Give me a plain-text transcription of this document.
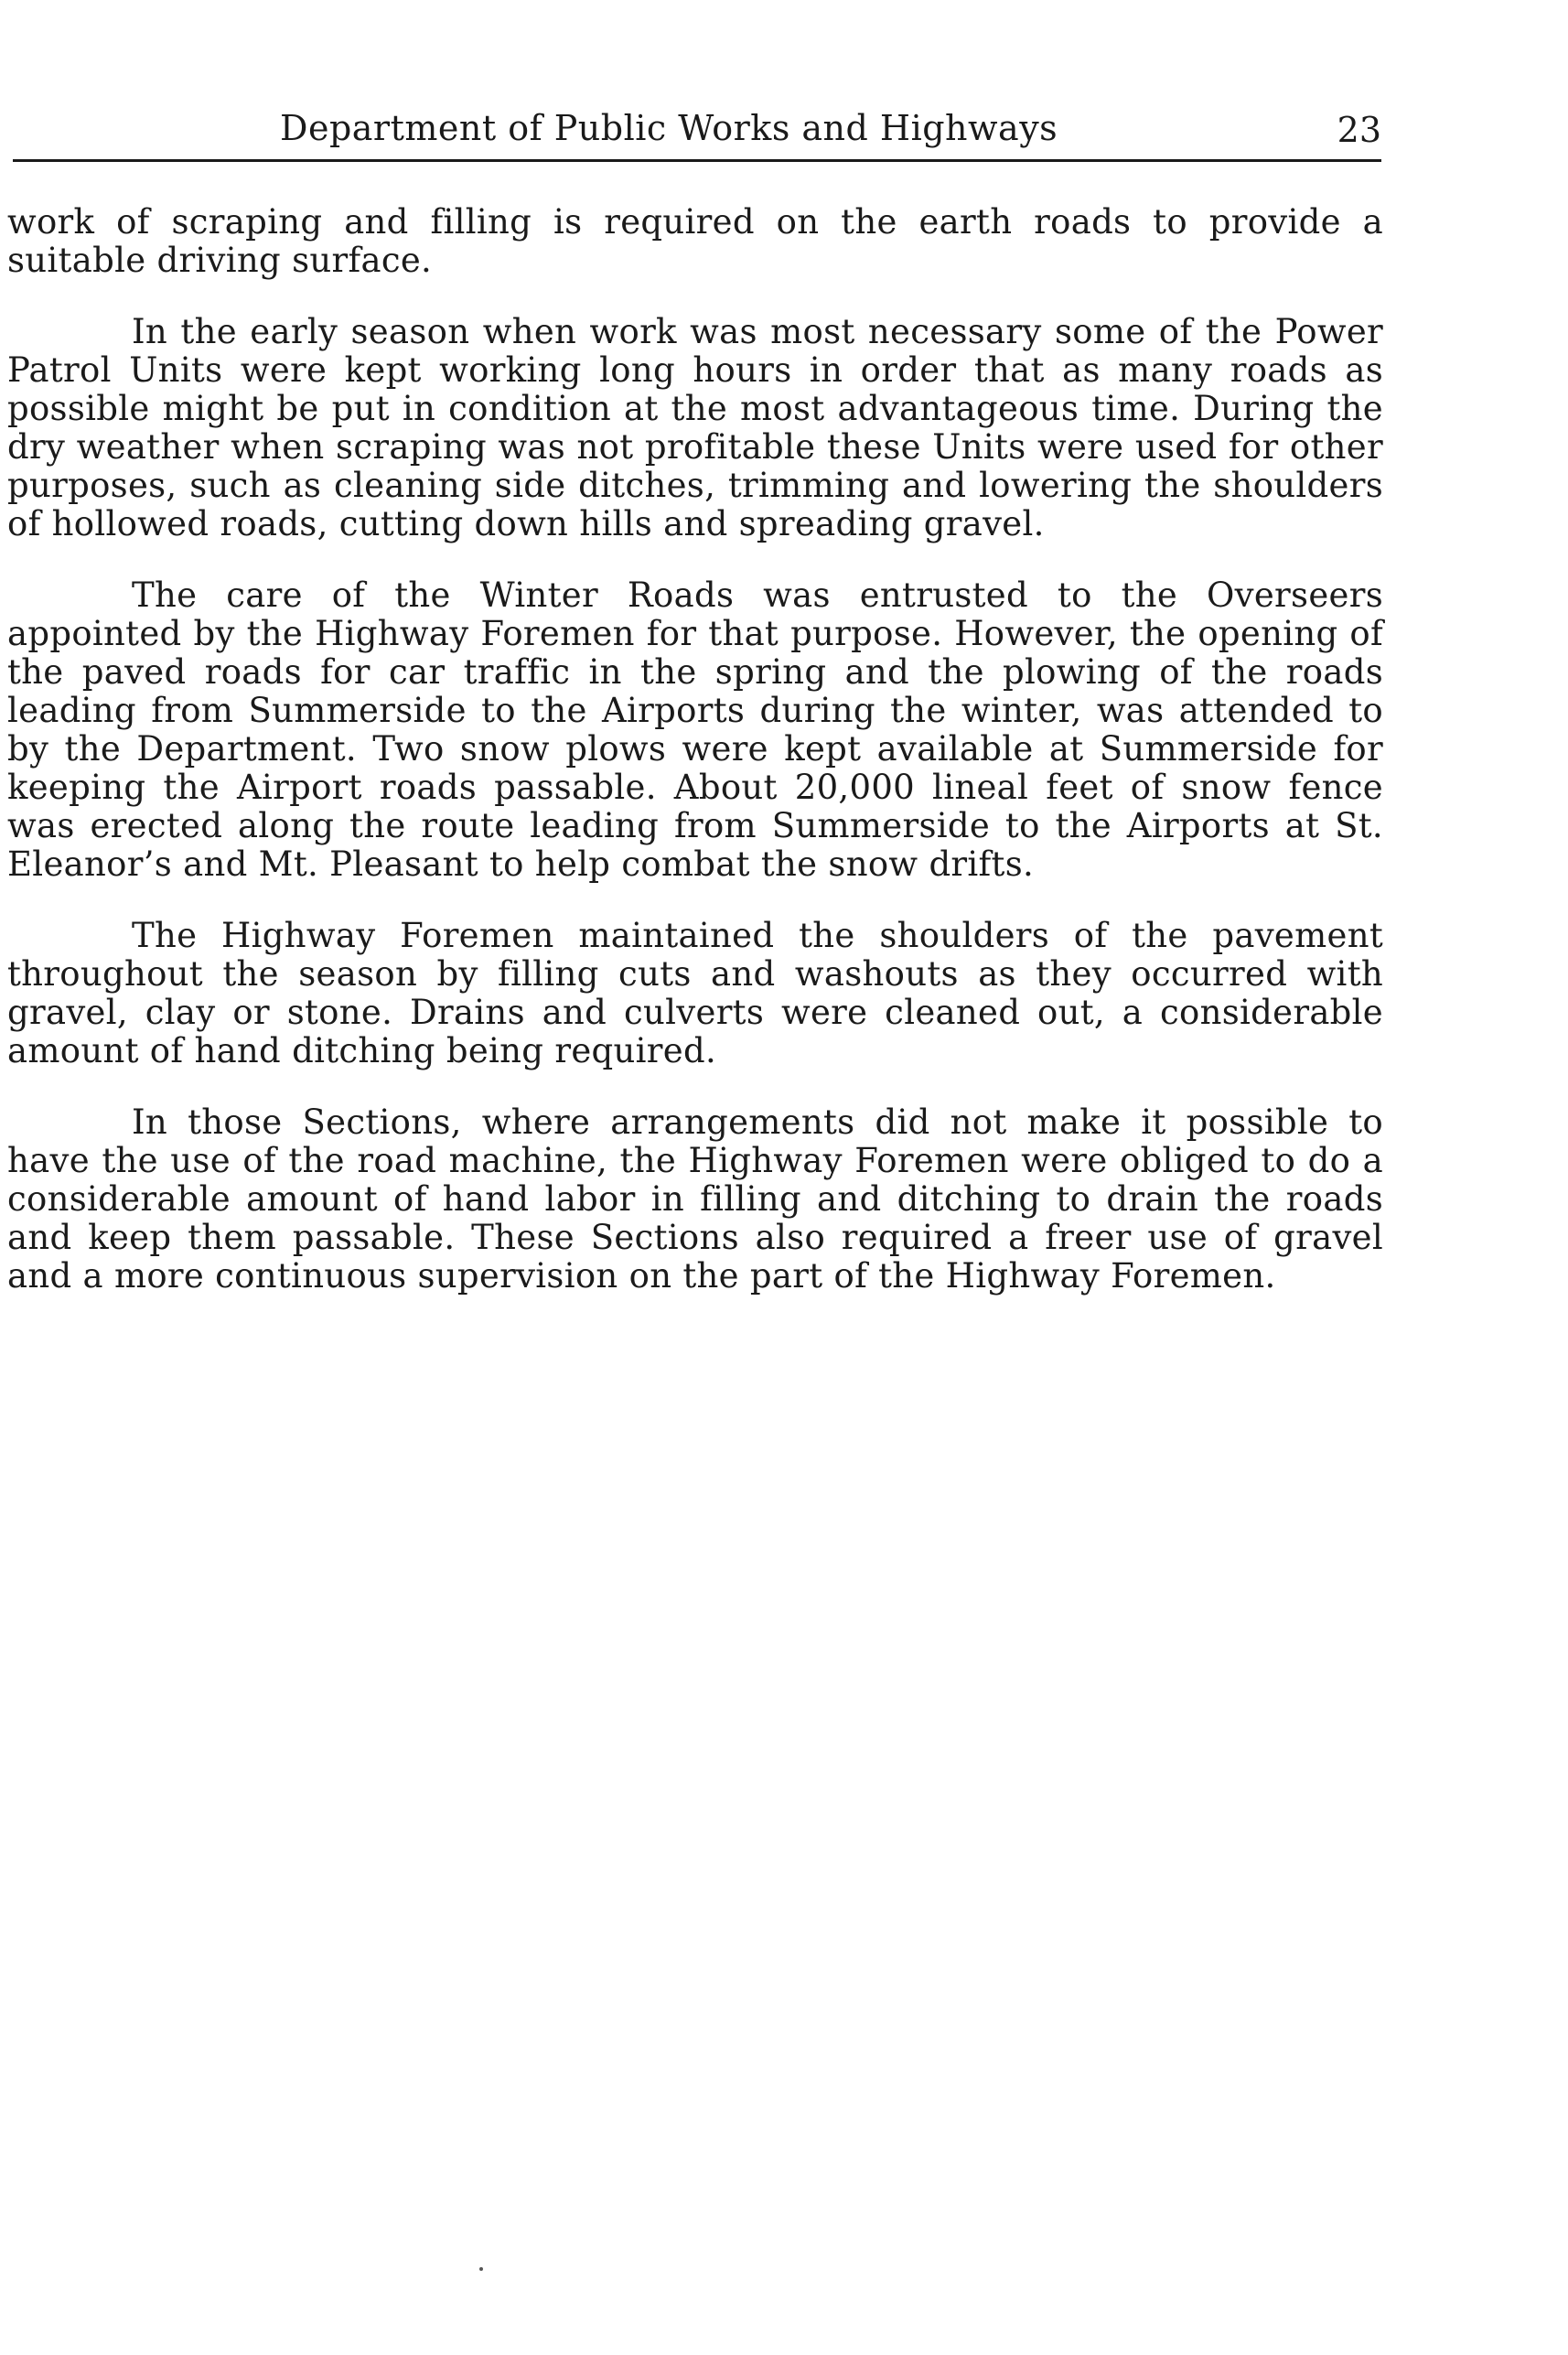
Department of Public Works and Highways	23

work of scraping and filling is required on the earth roads to provide a suitable driving surface.

In the early season when work was most necessary some of the Power Patrol Units were kept working long hours in order that as many roads as possible might be put in condition at the most advantageous time. During the dry weather when scraping was not profitable these Units were used for other purposes, such as cleaning side ditches, trimming and lowering the shoulders of hollowed roads, cutting down hills and spreading gravel.

The care of the Winter Roads was entrusted to the Overseers appointed by the Highway Foremen for that purpose. However, the opening of the paved roads for car traffic in the spring and the plowing of the roads leading from Summerside to the Airports during the winter, was attended to by the Department. Two snow plows were kept available at Summerside for keeping the Airport roads passable. About 20,000 lineal feet of snow fence was erected along the route leading from Summerside to the Airports at St. Eleanor’s and Mt. Pleasant to help combat the snow drifts.

The Highway Foremen maintained the shoulders of the pavement throughout the season by filling cuts and washouts as they occurred with gravel, clay or stone. Drains and culverts were cleaned out, a considerable amount of hand ditching being required.

In those Sections, where arrangements did not make it possible to have the use of the road machine, the Highway Foremen were obliged to do a considerable amount of hand labor in filling and ditching to drain the roads and keep them passable. These Sections also required a freer use of gravel and a more continuous supervision on the part of the Highway Foremen.
